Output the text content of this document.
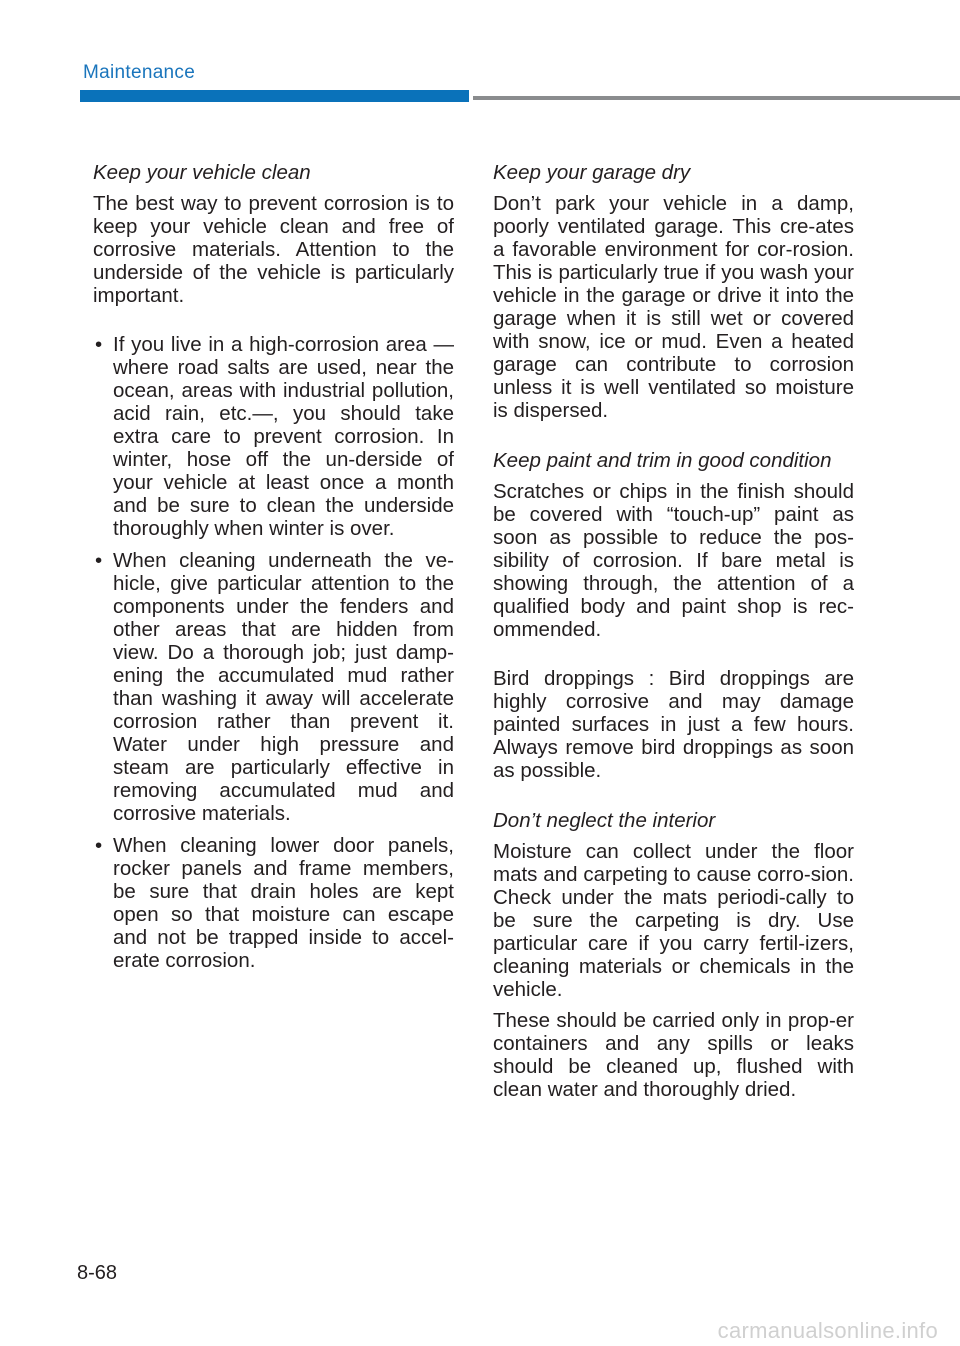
Maintenance
Keep your vehicle clean

The best way to prevent corrosion is to keep your vehicle clean and free of corrosive materials. Attention to the underside of the vehicle is particularly important.

• If you live in a high-corrosion area — where road salts are used, near the ocean, areas with industrial pollution, acid rain, etc.—, you should take extra care to prevent corrosion. In winter, hose off the un-derside of your vehicle at least once a month and be sure to clean the underside thoroughly when winter is over.
• When cleaning underneath the ve-hicle, give particular attention to the components under the fenders and other areas that are hidden from view. Do a thorough job; just damp-ening the accumulated mud rather than washing it away will accelerate corrosion rather than prevent it. Water under high pressure and steam are particularly effective in removing accumulated mud and corrosive materials.
• When cleaning lower door panels, rocker panels and frame members, be sure that drain holes are kept open so that moisture can escape and not be trapped inside to accel-erate corrosion.
Keep your garage dry

Don’t park your vehicle in a damp, poorly ventilated garage. This cre-ates a favorable environment for cor-rosion. This is particularly true if you wash your vehicle in the garage or drive it into the garage when it is still wet or covered with snow, ice or mud. Even a heated garage can contribute to corrosion unless it is well ventilated so moisture is dispersed.

Keep paint and trim in good condition

Scratches or chips in the finish should be covered with “touch-up” paint as soon as possible to reduce the pos-sibility of corrosion. If bare metal is showing through, the attention of a qualified body and paint shop is rec-ommended.

Bird droppings : Bird droppings are highly corrosive and may damage painted surfaces in just a few hours. Always remove bird droppings as soon as possible.

Don’t neglect the interior

Moisture can collect under the floor mats and carpeting to cause corro-sion. Check under the mats periodi-cally to be sure the carpeting is dry. Use particular care if you carry fertil-izers, cleaning materials or chemicals in the vehicle.

These should be carried only in prop-er containers and any spills or leaks should be cleaned up, flushed with clean water and thoroughly dried.

8-68
carmanualsonline.info
